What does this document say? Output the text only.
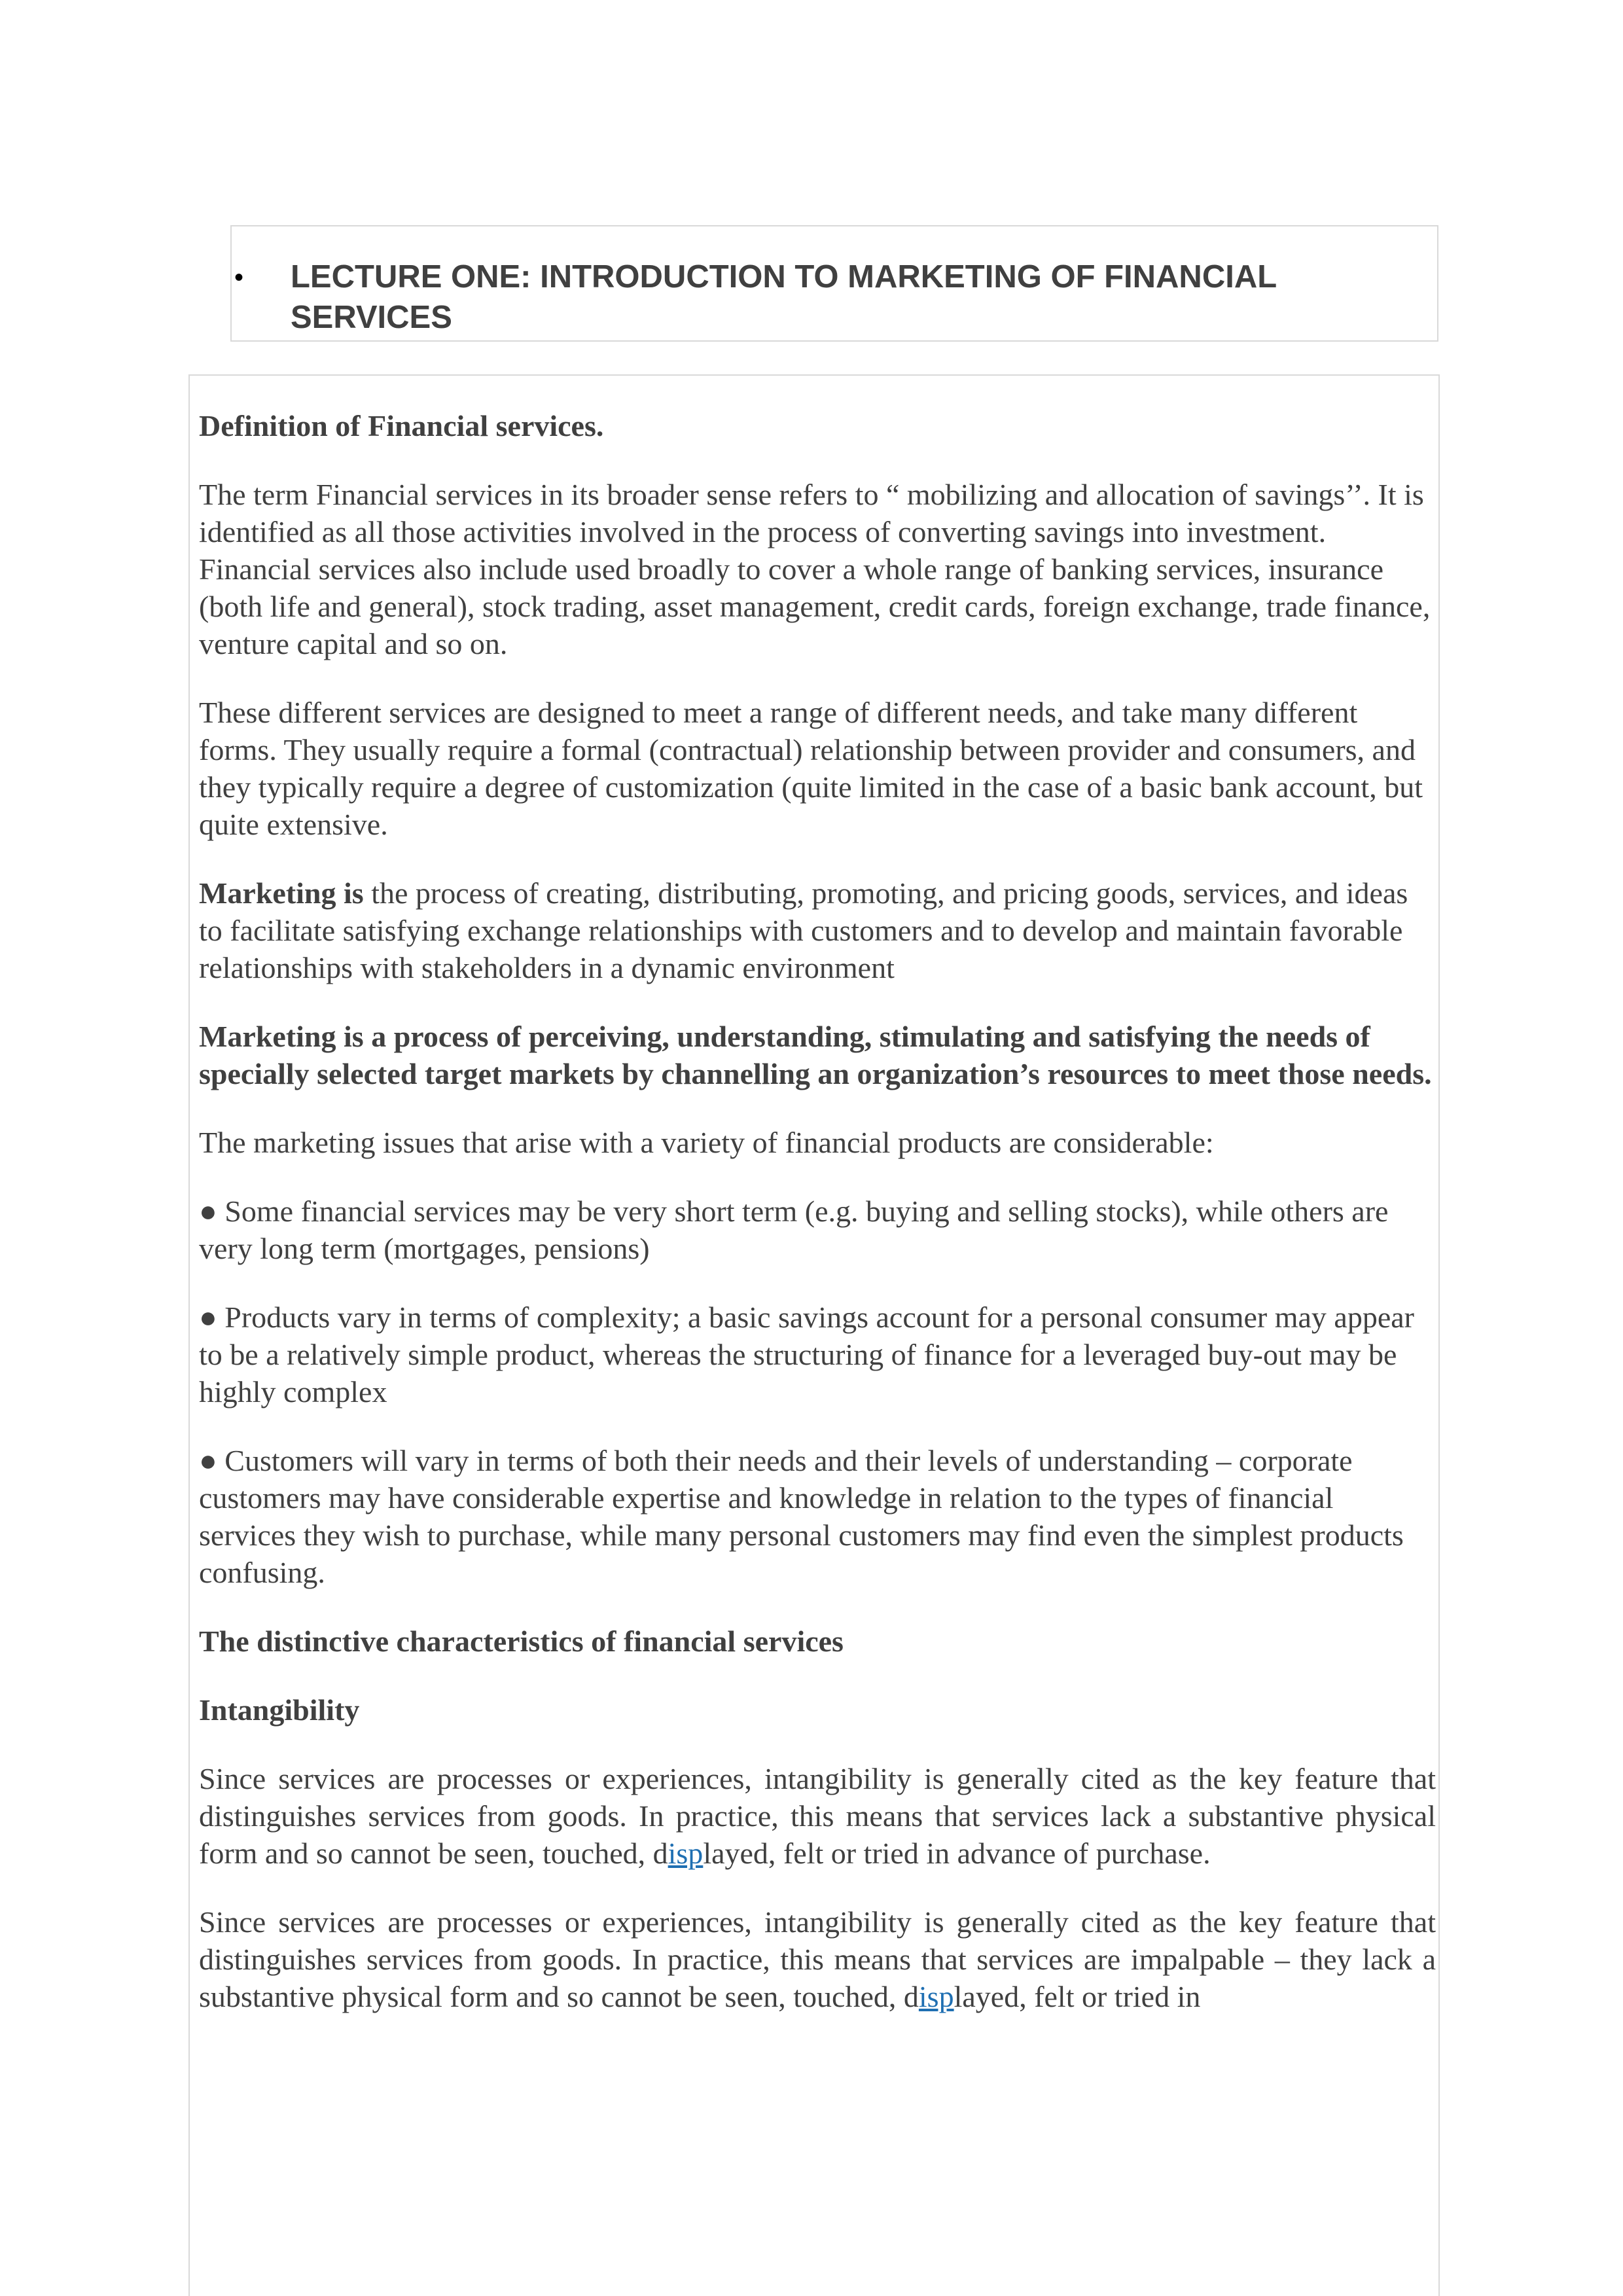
• LECTURE ONE: INTRODUCTION TO MARKETING OF FINANCIAL SERVICES

Definition of Financial services.

The term Financial services in its broader sense refers to “ mobilizing and allocation of savings’’. It is identified as all those activities involved in the process of converting savings into investment. Financial services also include used broadly to cover a whole range of banking services, insurance (both life and general), stock trading, asset management, credit cards, foreign exchange, trade finance, venture capital and so on.

These different services are designed to meet a range of different needs, and take many different forms. They usually require a formal (contractual) relationship between provider and consumers, and they typically require a degree of customization (quite limited in the case of a basic bank account, but quite extensive.

Marketing is the process of creating, distributing, promoting, and pricing goods, services, and ideas to facilitate satisfying exchange relationships with customers and to develop and maintain favorable relationships with stakeholders in a dynamic environment

Marketing is a process of perceiving, understanding, stimulating and satisfying the needs of specially selected target markets by channelling an organization’s resources to meet those needs.

The marketing issues that arise with a variety of financial products are considerable:

● Some financial services may be very short term (e.g. buying and selling stocks), while others are very long term (mortgages, pensions)

● Products vary in terms of complexity; a basic savings account for a personal consumer may appear to be a relatively simple product, whereas the structuring of finance for a leveraged buy-out may be highly complex

● Customers will vary in terms of both their needs and their levels of understanding – corporate customers may have considerable expertise and knowledge in relation to the types of financial services they wish to purchase, while many personal customers may find even the simplest products confusing.

The distinctive characteristics of financial services

Intangibility

Since services are processes or experiences, intangibility is generally cited as the key feature that distinguishes services from goods. In practice, this means that services lack a substantive physical form and so cannot be seen, touched, displayed, felt or tried in advance of purchase.

Since services are processes or experiences, intangibility is generally cited as the key feature that distinguishes services from goods. In practice, this means that services are impalpable – they lack a substantive physical form and so cannot be seen, touched, displayed, felt or tried in
